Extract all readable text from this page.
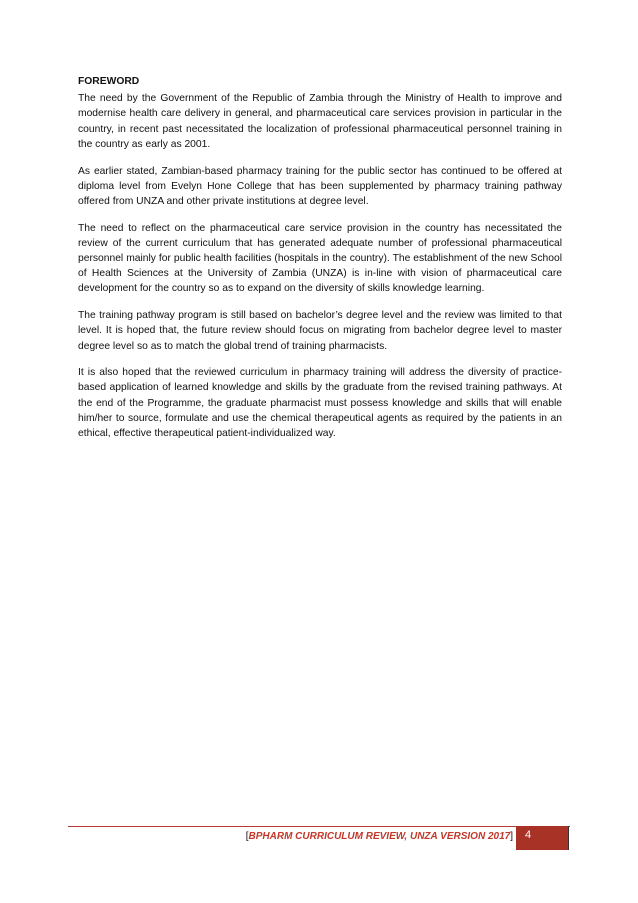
FOREWORD

The need by the Government of the Republic of Zambia through the Ministry of Health to improve and modernise health care delivery in general, and pharmaceutical care services provision in particular in the country, in recent past necessitated the localization of professional pharmaceutical personnel training in the country as early as 2001.

As earlier stated, Zambian-based pharmacy training for the public sector has continued to be offered at diploma level from Evelyn Hone College that has been supplemented by pharmacy training pathway offered from UNZA and other private institutions at degree level.

The need to reflect on the pharmaceutical care service provision in the country has necessitated the review of the current curriculum that has generated adequate number of professional pharmaceutical personnel mainly for public health facilities (hospitals in the country). The establishment of the new School of Health Sciences at the University of Zambia (UNZA) is in-line with vision of pharmaceutical care development for the country so as to expand on the diversity of skills knowledge learning.

The training pathway program is still based on bachelor’s degree level and the review was limited to that level. It is hoped that, the future review should focus on migrating from bachelor degree level to master degree level so as to match the global trend of training pharmacists.

It is also hoped that the reviewed curriculum in pharmacy training will address the diversity of practice-based application of learned knowledge and skills by the graduate from the revised training pathways. At the end of the Programme, the graduate pharmacist must possess knowledge and skills that will enable him/her to source, formulate and use the chemical therapeutical agents as required by the patients in an ethical, effective therapeutical patient-individualized way.

[BPHARM CURRICULUM REVIEW, UNZA VERSION 2017]	4
